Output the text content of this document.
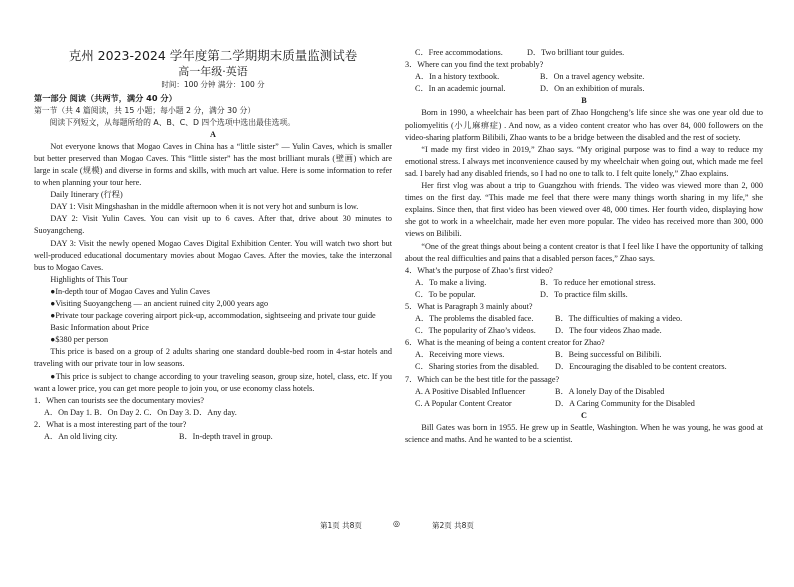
克州 2023-2024 学年度第二学期期末质量监测试卷
高一年级·英语
时间：100 分钟 满分：100 分
第一部分 阅读（共两节，满分 40 分）
第一节（共 4 篇阅读，共 15 小题；每小题 2 分，满分 30 分）

阅读下列短文，从每题所给的 A、B、C、D 四个选项中选出最佳选项。

A

Not everyone knows that Mogao Caves in China has a “little sister” — Yulin Caves, which is smaller but better preserved than Mogao Caves. This “little sister” has the most brilliant murals (壁画) which are large in scale (规模) and diverse in forms and skills, with much art value. Here is some information to refer to when planning your tour here.

Daily Itinerary (行程)

DAY 1: Visit Mingshashan in the middle afternoon when it is not very hot and sunburn is low.

DAY 2: Visit Yulin Caves. You can visit up to 6 caves. After that, drive about 30 minutes to Suoyangcheng.

DAY 3: Visit the newly opened Mogao Caves Digital Exhibition Center. You will watch two short but well-produced educational documentary movies about Mogao Caves. After the movies, take the interzonal bus to Mogao Caves.

Highlights of This Tour

●In-depth tour of Mogao Caves and Yulin Caves

●Visiting Suoyangcheng — an ancient ruined city 2,000 years ago

●Private tour package covering airport pick-up, accommodation, sightseeing and private tour guide

Basic Information about Price

●$380 per person

This price is based on a group of 2 adults sharing one standard double-bed room in 4-star hotels and traveling with our private tour in low seasons.

●This price is subject to change according to your traveling season, group size, hotel, class, etc. If you want a lower price, you can get more people to join you, or use economy class hotels.

1．When can tourists see the documentary movies?
A．On Day 1. B．On Day 2. C．On Day 3. D．Any day.
2．What is a most interesting part of the tour?
A．An old living city.	B．In-depth travel in group.
C．Free accommodations.	D．Two brilliant tour guides.
3．Where can you find the text probably?
A．In a history textbook.	B．On a travel agency website.
C．In an academic journal.	D．On an exhibition of murals.
B

Born in 1990, a wheelchair has been part of Zhao Hongcheng’s life since she was one year old due to poliomyelitis (小儿麻痹症) . And now, as a video content creator who has over 84, 000 followers on the video-sharing platform Bilibili, Zhao wants to be a bridge between the disabled and the rest of society.

“I made my first video in 2019,” Zhao says. “My original purpose was to find a way to reduce my emotional stress. I always met inconvenience caused by my wheelchair when going out, which made me feel sad. I barely had any disabled friends, so I had no one to talk to. I felt quite lonely,” Zhao explains.

Her first vlog was about a trip to Guangzhou with friends. The video was viewed more than 2, 000 times on the first day. “This made me feel that there were many things worth sharing in my life,” she explains. Since then, that first video has been viewed over 48, 000 times. Her fourth video, displaying how she got to work in a wheelchair, made her even more popular. The video has received more than 300, 000 views on Bilibili.

“One of the great things about being a content creator is that I feel like I have the opportunity of talking about the real difficulties and pains that a disabled person faces,” Zhao says.

4．What’s the purpose of Zhao’s first video?
A．To make a living.	B．To reduce her emotional stress.
C．To be popular.	D．To practice film skills.
5．What is Paragraph 3 mainly about?
A．The problems the disabled face.	B．The difficulties of making a video.
C．The popularity of Zhao’s videos.	D．The four videos Zhao made.
6．What is the meaning of being a content creator for Zhao?
A．Receiving more views.	B．Being successful on Bilibili.
C．Sharing stories from the disabled.	D．Encouraging the disabled to be content creators.
7．Which can be the best title for the passage?
A. A Positive Disabled Influencer	B．A lonely Day of the Disabled
C. A Popular Content Creator	D．A Caring Community for the Disabled
C

Bill Gates was born in 1955. He grew up in Seattle, Washington. When he was young, he was good at science and maths. And he wanted to be a scientist.

第1页 共8页	◎	第2页 共8页
